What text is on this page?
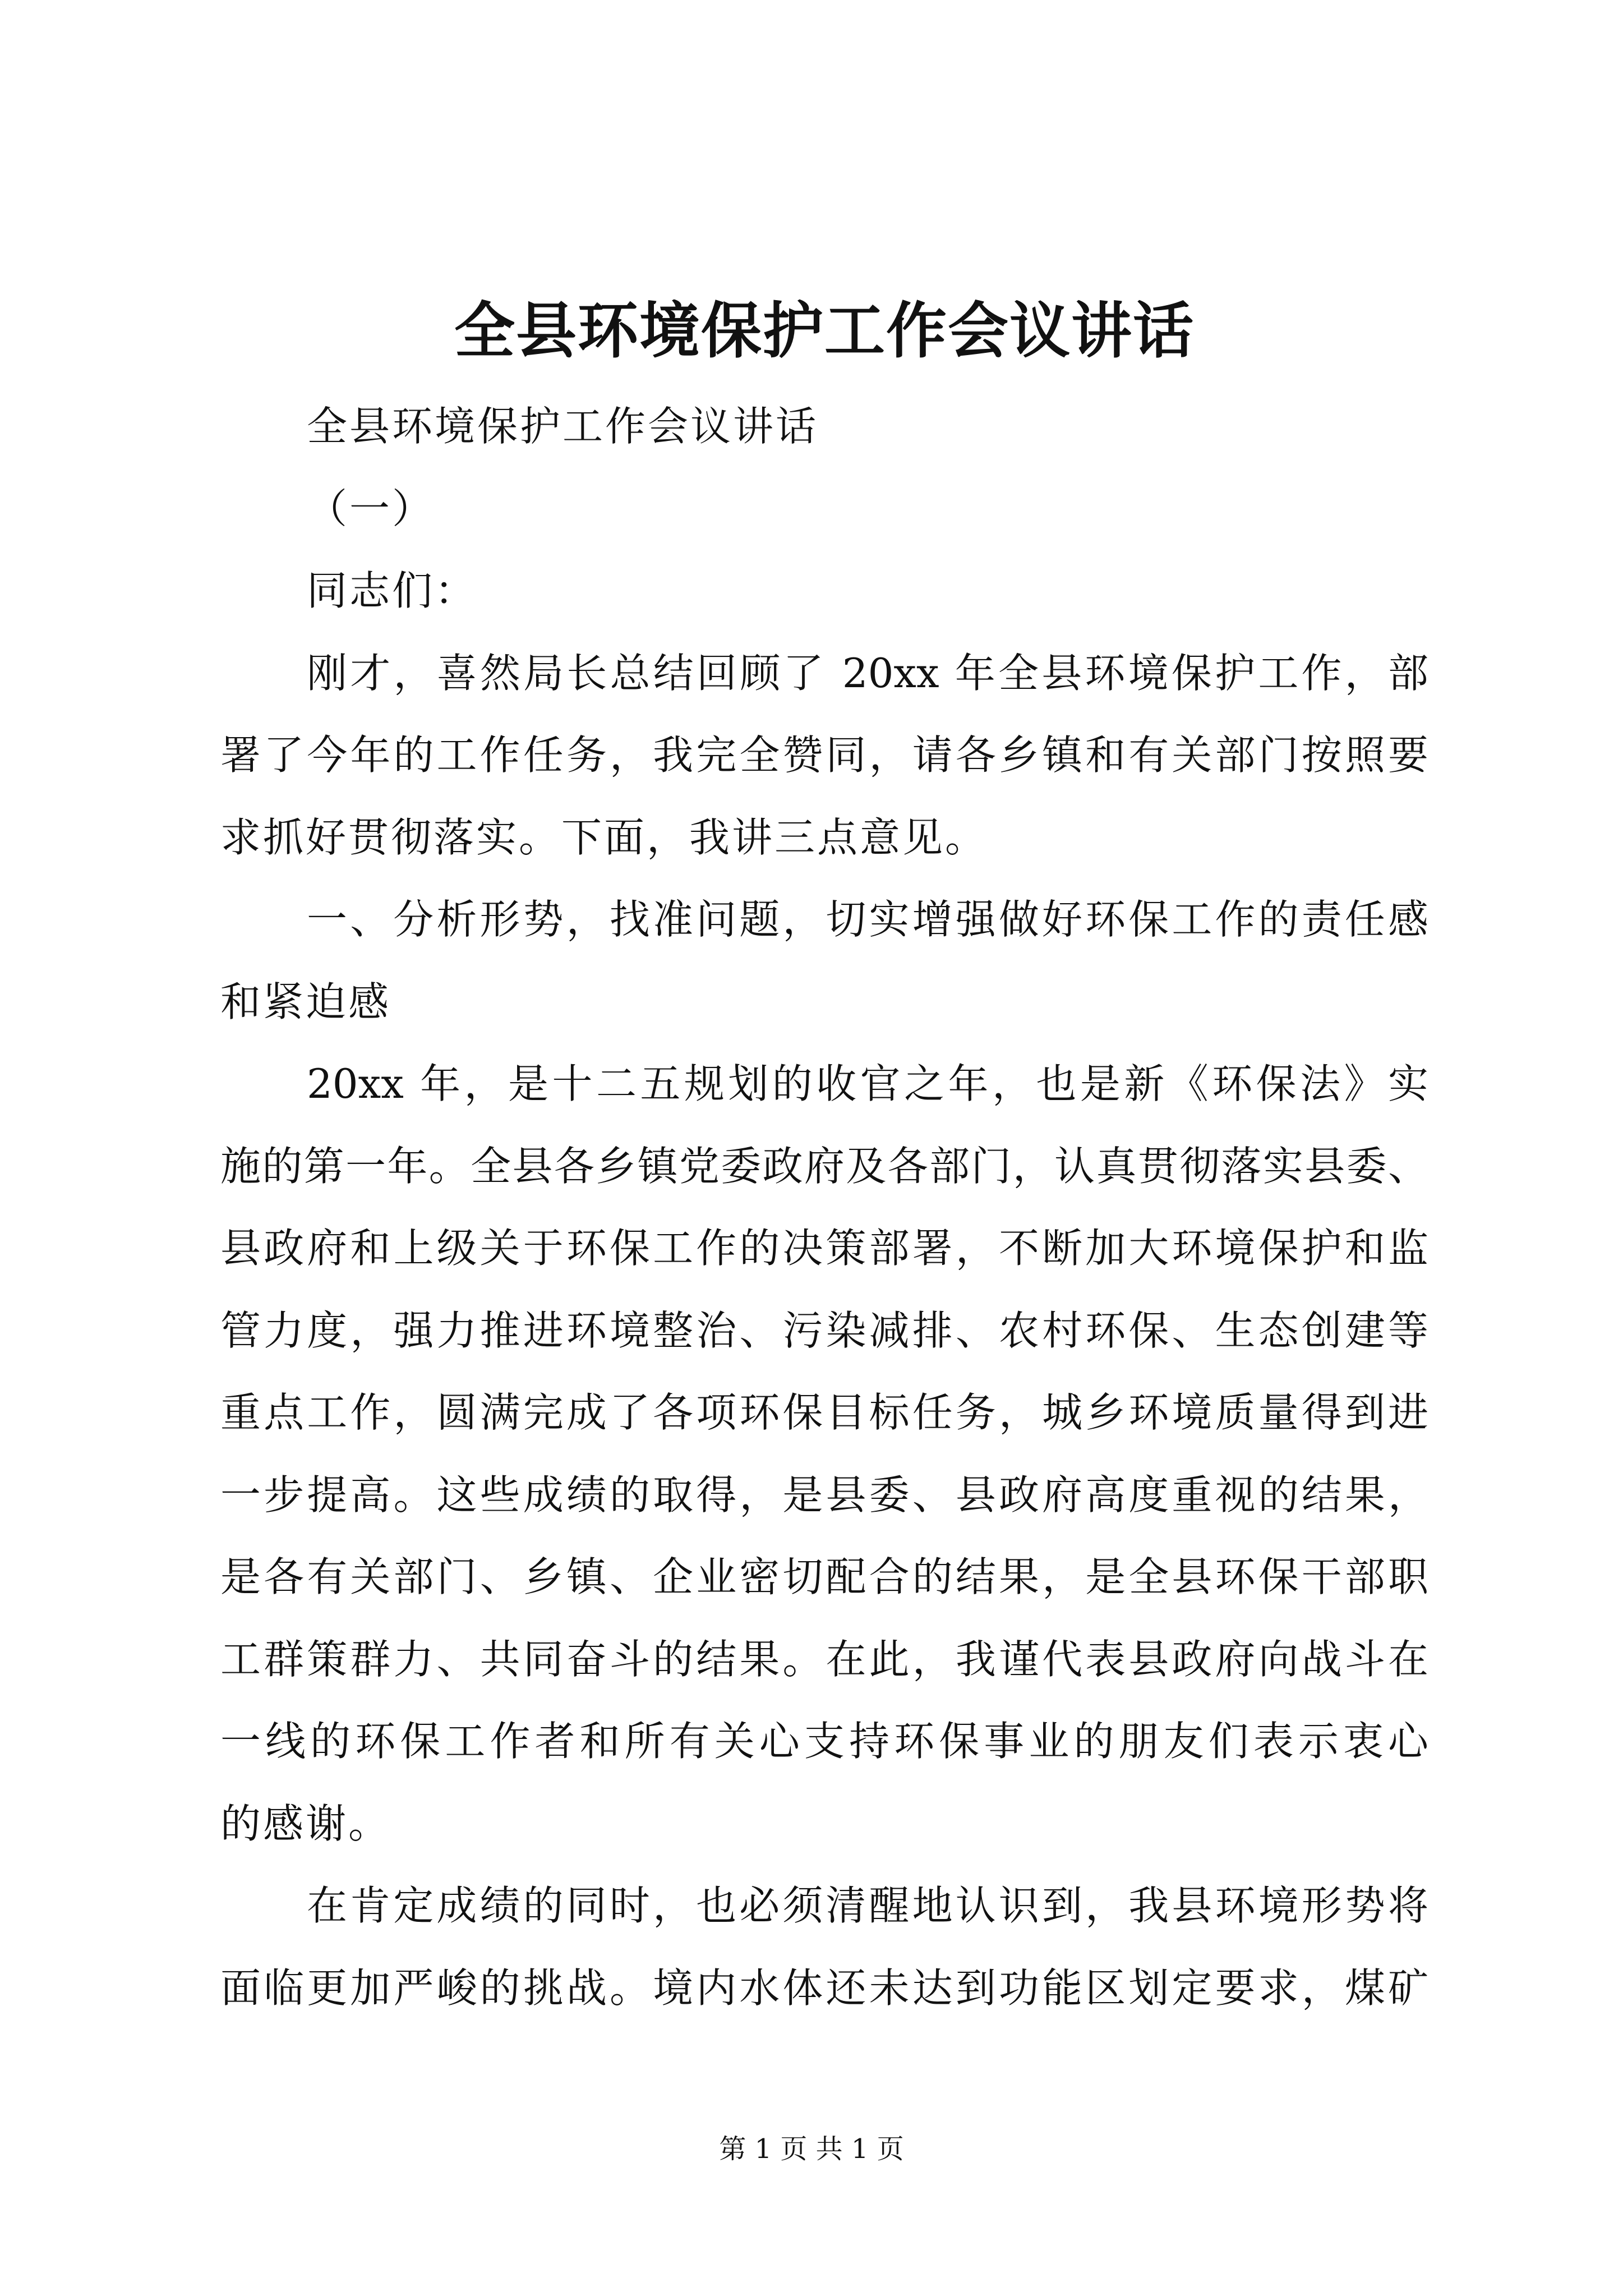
全县环境保护工作会议讲话
全县环境保护工作会议讲话
（一）
同志们：
刚才，喜然局长总结回顾了 20xx 年全县环境保护工作，部
署了今年的工作任务，我完全赞同，请各乡镇和有关部门按照要
求抓好贯彻落实。下面，我讲三点意见。
一、分析形势，找准问题，切实增强做好环保工作的责任感
和紧迫感
20xx 年，是十二五规划的收官之年，也是新《环保法》实
施的第一年。全县各乡镇党委政府及各部门，认真贯彻落实县委、
县政府和上级关于环保工作的决策部署，不断加大环境保护和监
管力度，强力推进环境整治、污染减排、农村环保、生态创建等
重点工作，圆满完成了各项环保目标任务，城乡环境质量得到进
一步提高。这些成绩的取得，是县委、县政府高度重视的结果，
是各有关部门、乡镇、企业密切配合的结果，是全县环保干部职
工群策群力、共同奋斗的结果。在此，我谨代表县政府向战斗在
一线的环保工作者和所有关心支持环保事业的朋友们表示衷心
的感谢。
在肯定成绩的同时，也必须清醒地认识到，我县环境形势将
面临更加严峻的挑战。境内水体还未达到功能区划定要求，煤矿
第 1 页 共 1 页
